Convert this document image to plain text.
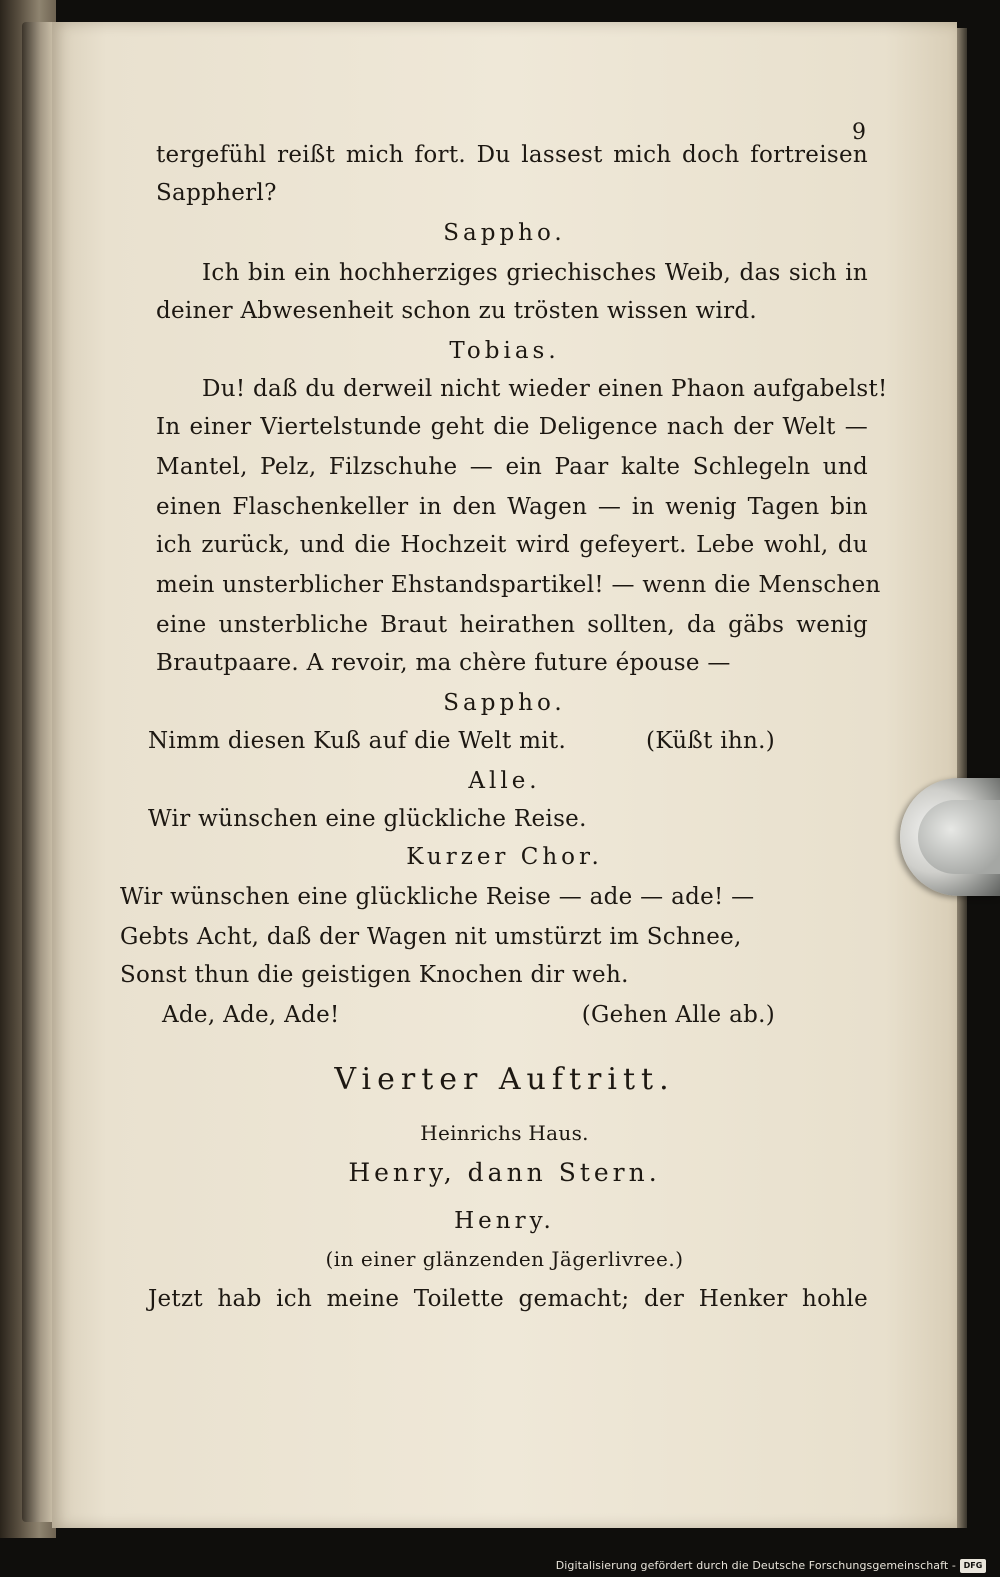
9
tergefühl reißt mich fort. Du lassest mich doch fortreisen
Sappherl?
Sappho.
Ich bin ein hochherziges griechisches Weib, das sich in
deiner Abwesenheit schon zu trösten wissen wird.
Tobias.
Du! daß du derweil nicht wieder einen Phaon aufgabelst!
In einer Viertelstunde geht die Deligence nach der Welt —
Mantel, Pelz, Filzschuhe — ein Paar kalte Schlegeln und
einen Flaschenkeller in den Wagen — in wenig Tagen bin
ich zurück, und die Hochzeit wird gefeyert. Lebe wohl, du
mein unsterblicher Ehstandspartikel! — wenn die Menschen
eine unsterbliche Braut heirathen sollten, da gäbs wenig
Brautpaare. A revoir, ma chère future épouse —
Sappho.
Nimm diesen Kuß auf die Welt mit.	(Küßt ihn.)
Alle.
Wir wünschen eine glückliche Reise.
Kurzer Chor.
Wir wünschen eine glückliche Reise — ade — ade! —
Gebts Acht, daß der Wagen nit umstürzt im Schnee,
Sonst thun die geistigen Knochen dir weh.
Ade, Ade, Ade!	(Gehen Alle ab.)
Vierter Auftritt.
Heinrichs Haus.
Henry, dann Stern.
Henry.
(in einer glänzenden Jägerlivree.)
Jetzt hab ich meine Toilette gemacht; der Henker hohle
Digitalisierung gefördert durch die Deutsche Forschungsgemeinschaft - DFG
